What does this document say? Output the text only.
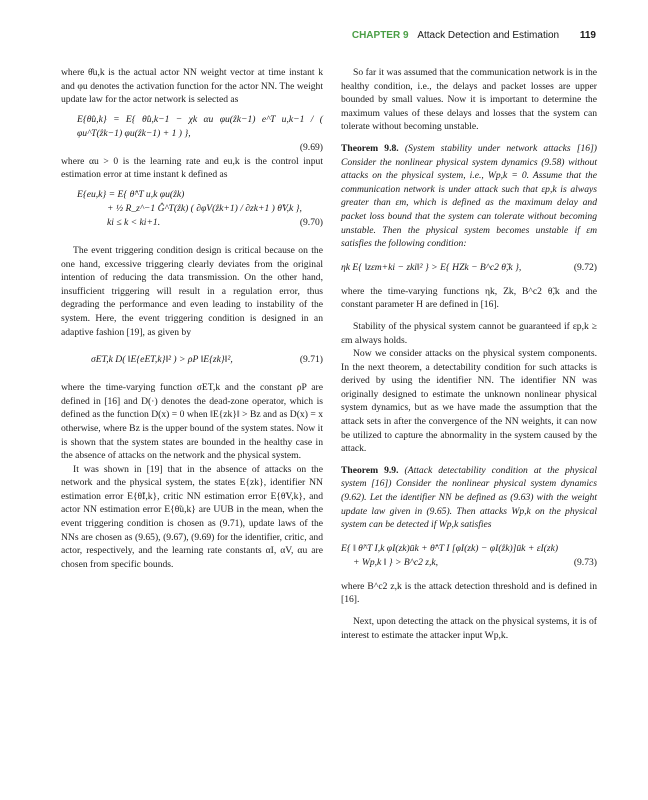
CHAPTER 9 Attack Detection and Estimation 119

where θ̂u,k is the actual actor NN weight vector at time instant k and φu denotes the activation function for the actor NN. The weight update law for the actor network is selected as

E{θ̂u,k} = E{ θ̂u,k−1 − χk αu φu(ẑk−1) e^T u,k−1 / ( φu^T(ẑk−1) φu(ẑk−1) + 1 ) },
(9.69)

where αu > 0 is the learning rate and eu,k is the control input estimation error at time instant k defined as

E{eu,k} = E{ θ̂^T u,k φu(ẑk)
+ ½ R_z^−1 Ĝ^T(ẑk) ( ∂φV(ẑk+1) / ∂zk+1 ) θ̂V,k },
ki ≤ k < ki+1.	(9.70)

The event triggering condition design is critical because on the one hand, excessive triggering clearly deviates from the original intention of reducing the data transmission. On the other hand, insufficient triggering will result in a regulation error, thus degrading the performance and even leading to instability of the system. Here, the event triggering condition is designed in an adaptive fashion [19], as given by

σET,k D( ‖E{eET,k}‖² ) > ρP ‖E{zk}‖²,	(9.71)

where the time-varying function σET,k and the constant ρP are defined in [16] and D(·) denotes the dead-zone operator, which is defined as the function D(x) = 0 when ‖E{zk}‖ > Bz and as D(x) = x otherwise, where Bz is the upper bound of the system states. Now it is shown that the system states are bounded in the healthy case in the absence of attacks on the network and the physical system.

It was shown in [19] that in the absence of attacks on the network and the physical system, the states E{zk}, identifier NN estimation error E{θ̃I,k}, critic NN estimation error E{θ̃V,k}, and actor NN estimation error E{θ̃u,k} are UUB in the mean, when the event triggering condition is chosen as (9.71), update laws of the NNs are chosen as (9.65), (9.67), (9.69) for the identifier, critic, and actor, respectively, and the learning rate constants αI, αV, αu are chosen from specific bounds.

So far it was assumed that the communication network is in the healthy condition, i.e., the delays and packet losses are upper bounded by small values. Now it is important to determine the maximum values of these delays and losses that the system can tolerate without becoming unstable.

Theorem 9.8. (System stability under network attacks [16]) Consider the nonlinear physical system dynamics (9.58) without attacks on the physical system, i.e., Wp,k = 0. Assume that the communication network is under attack such that εp,k is always greater than εm, which is defined as the maximum delay and packet loss bound that the system can tolerate without becoming unstable. Then the physical system becomes unstable if εm satisfies the following condition:

ηk E{ ‖zεm+ki − zki‖² } > E{ HZk − B^c2 θ̃,k },	(9.72)

where the time-varying functions ηk, Zk, B^c2 θ̃,k and the constant parameter H are defined in [16].

Stability of the physical system cannot be guaranteed if εp,k ≥ εm always holds.

Now we consider attacks on the physical system components. In the next theorem, a detectability condition for such attacks is derived by using the identifier NN. The identifier NN was originally designed to estimate the unknown nonlinear physical system dynamics, but as we have made the assumption that the attack sets in after the convergence of the NN weights, it can now be utilized to capture the abnormality in the system caused by the attack.

Theorem 9.9. (Attack detectability condition at the physical system [16]) Consider the nonlinear physical system dynamics (9.62). Let the identifier NN be defined as (9.63) with the weight update law given in (9.65). Then attacks Wp,k on the physical system can be detected if Wp,k satisfies

E{ ‖ θ̃^T I,k φI(zk)ūk + θ̂^T I [φI(zk) − φI(ẑk)]ūk + εI(zk)
+ Wp,k ‖ } > B^c2 z,k,	(9.73)

where B^c2 z,k is the attack detection threshold and is defined in [16].

Next, upon detecting the attack on the physical systems, it is of interest to estimate the attacker input Wp,k.
